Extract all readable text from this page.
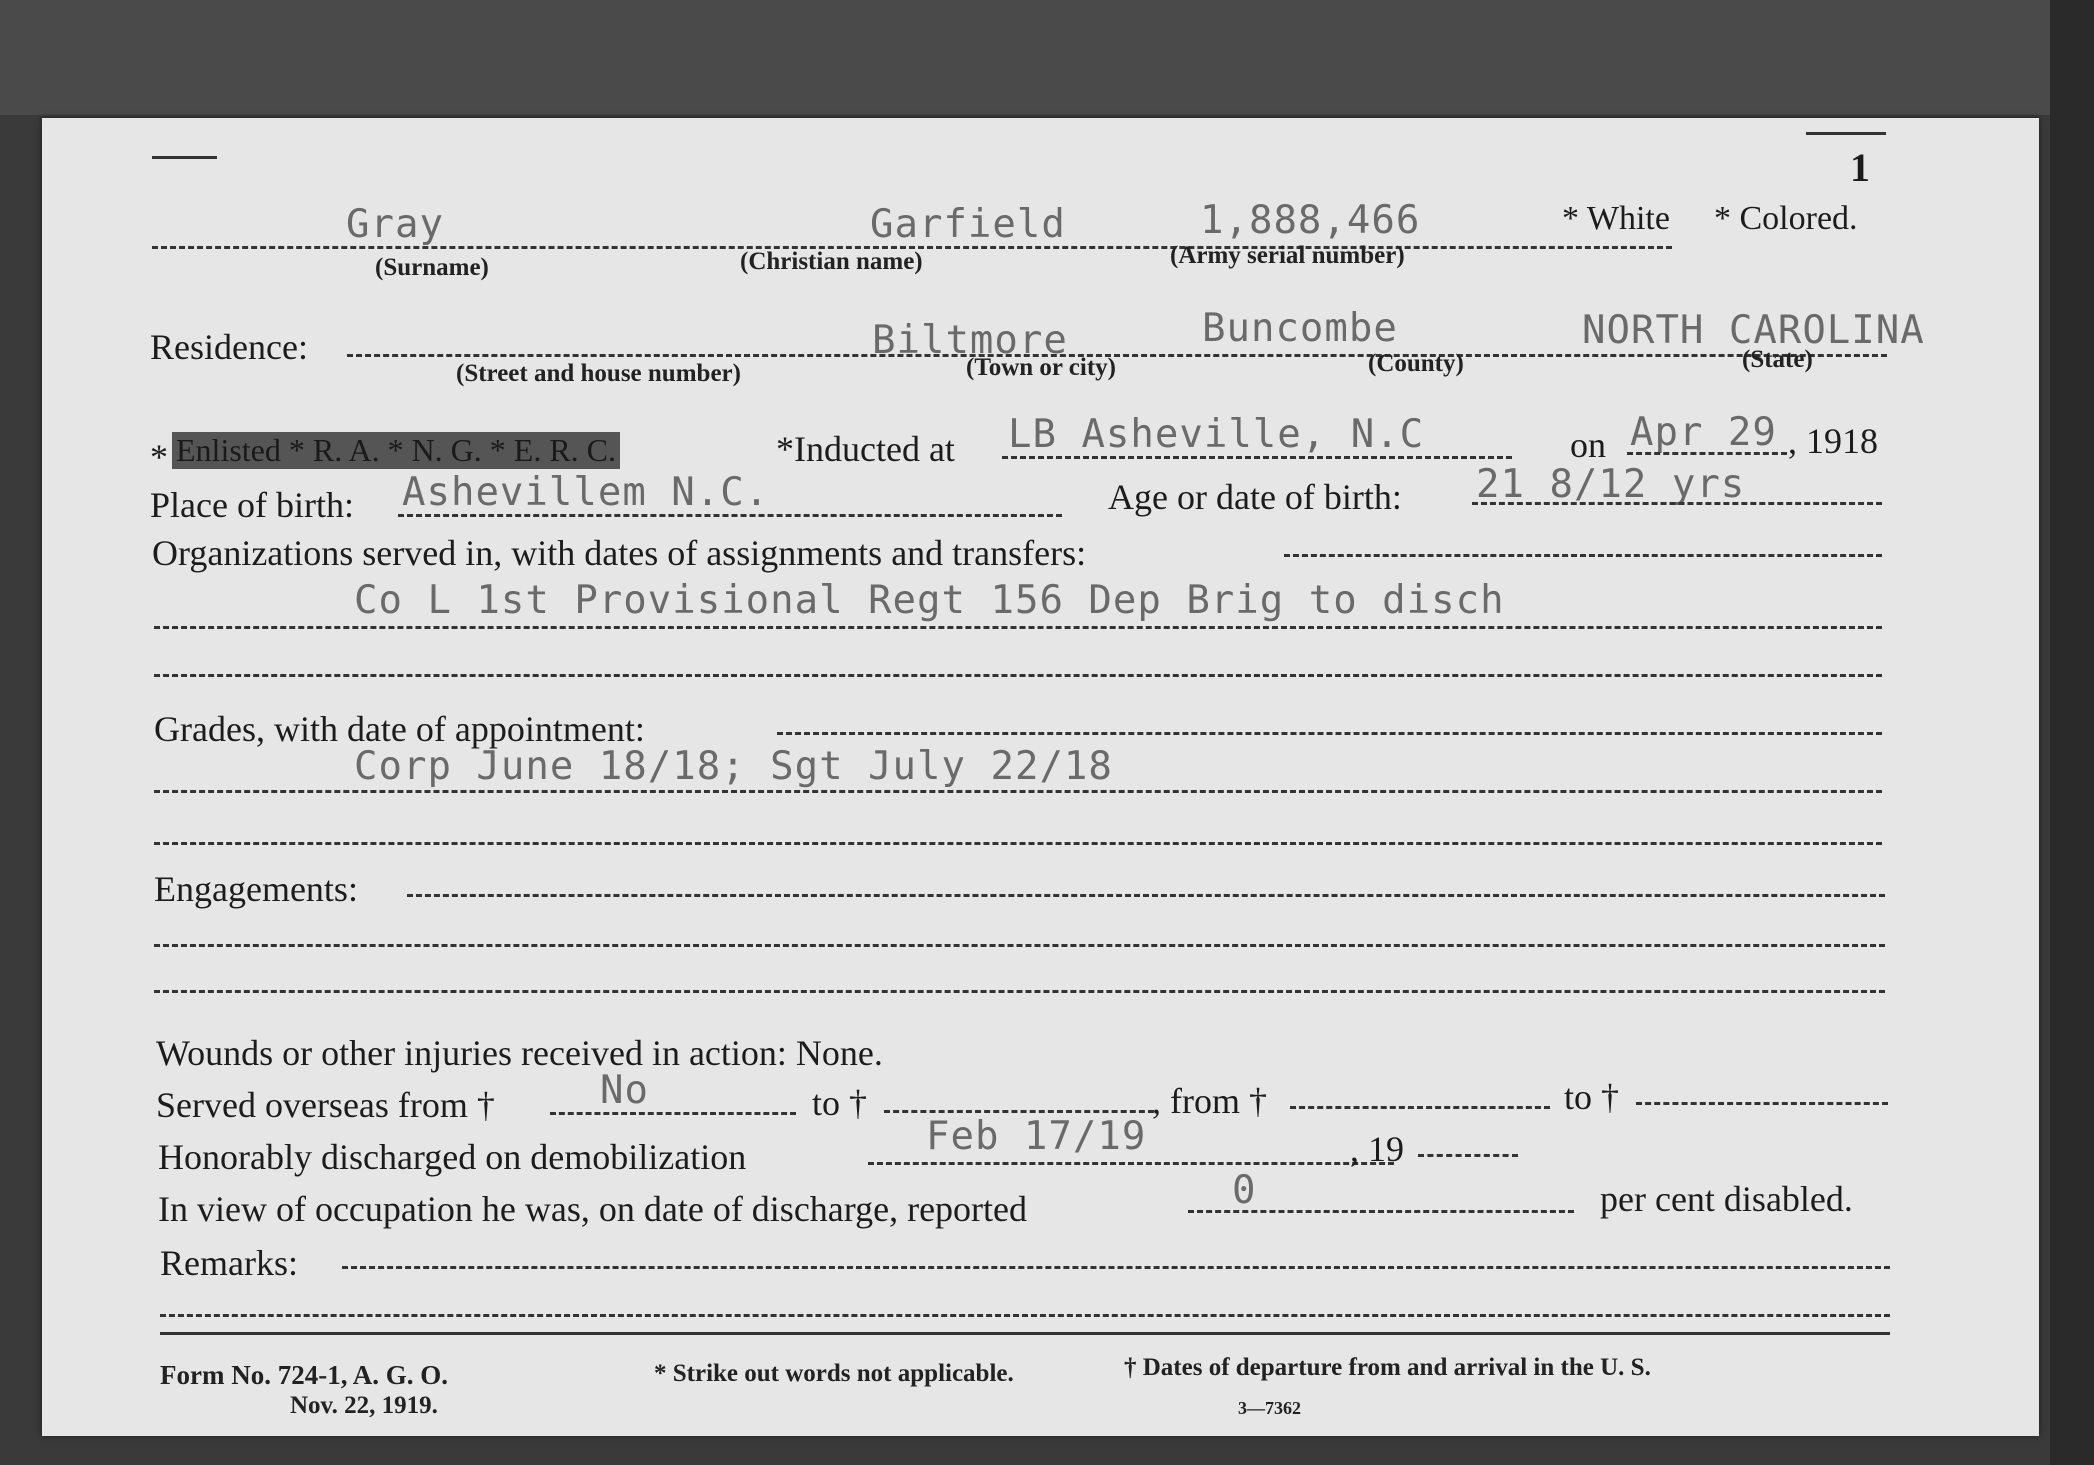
1
Gray	Garfield	1,888,466	* White * Colored.
(Surname)	(Christian name)	(Army serial number)
Residence:	Biltmore	Buncombe	NORTH CAROLINA
(Street and house number)	(Town or city)	(County)	(State)
* Enlisted * R. A. * N. G. * E. R. C.	*Inducted at LB Asheville, N.C	on Apr 29 , 1918
Place of birth: Ashevillem N.C.	Age or date of birth: 21 8/12 yrs
Organizations served in, with dates of assignments and transfers:
Co L 1st Provisional Regt 156 Dep Brig to disch
Grades, with date of appointment:
Corp June 18/18; Sgt July 22/18
Engagements:
Wounds or other injuries received in action: None.
Served overseas from †	No	to †	, from †	to †
Honorably discharged on demobilization	Feb 17/19	, 19
In view of occupation he was, on date of discharge, reported	0	per cent disabled.
Remarks:
Form No. 724-1, A. G. O.
Nov. 22, 1919.
* Strike out words not applicable.	† Dates of departure from and arrival in the U. S.
3—7362
